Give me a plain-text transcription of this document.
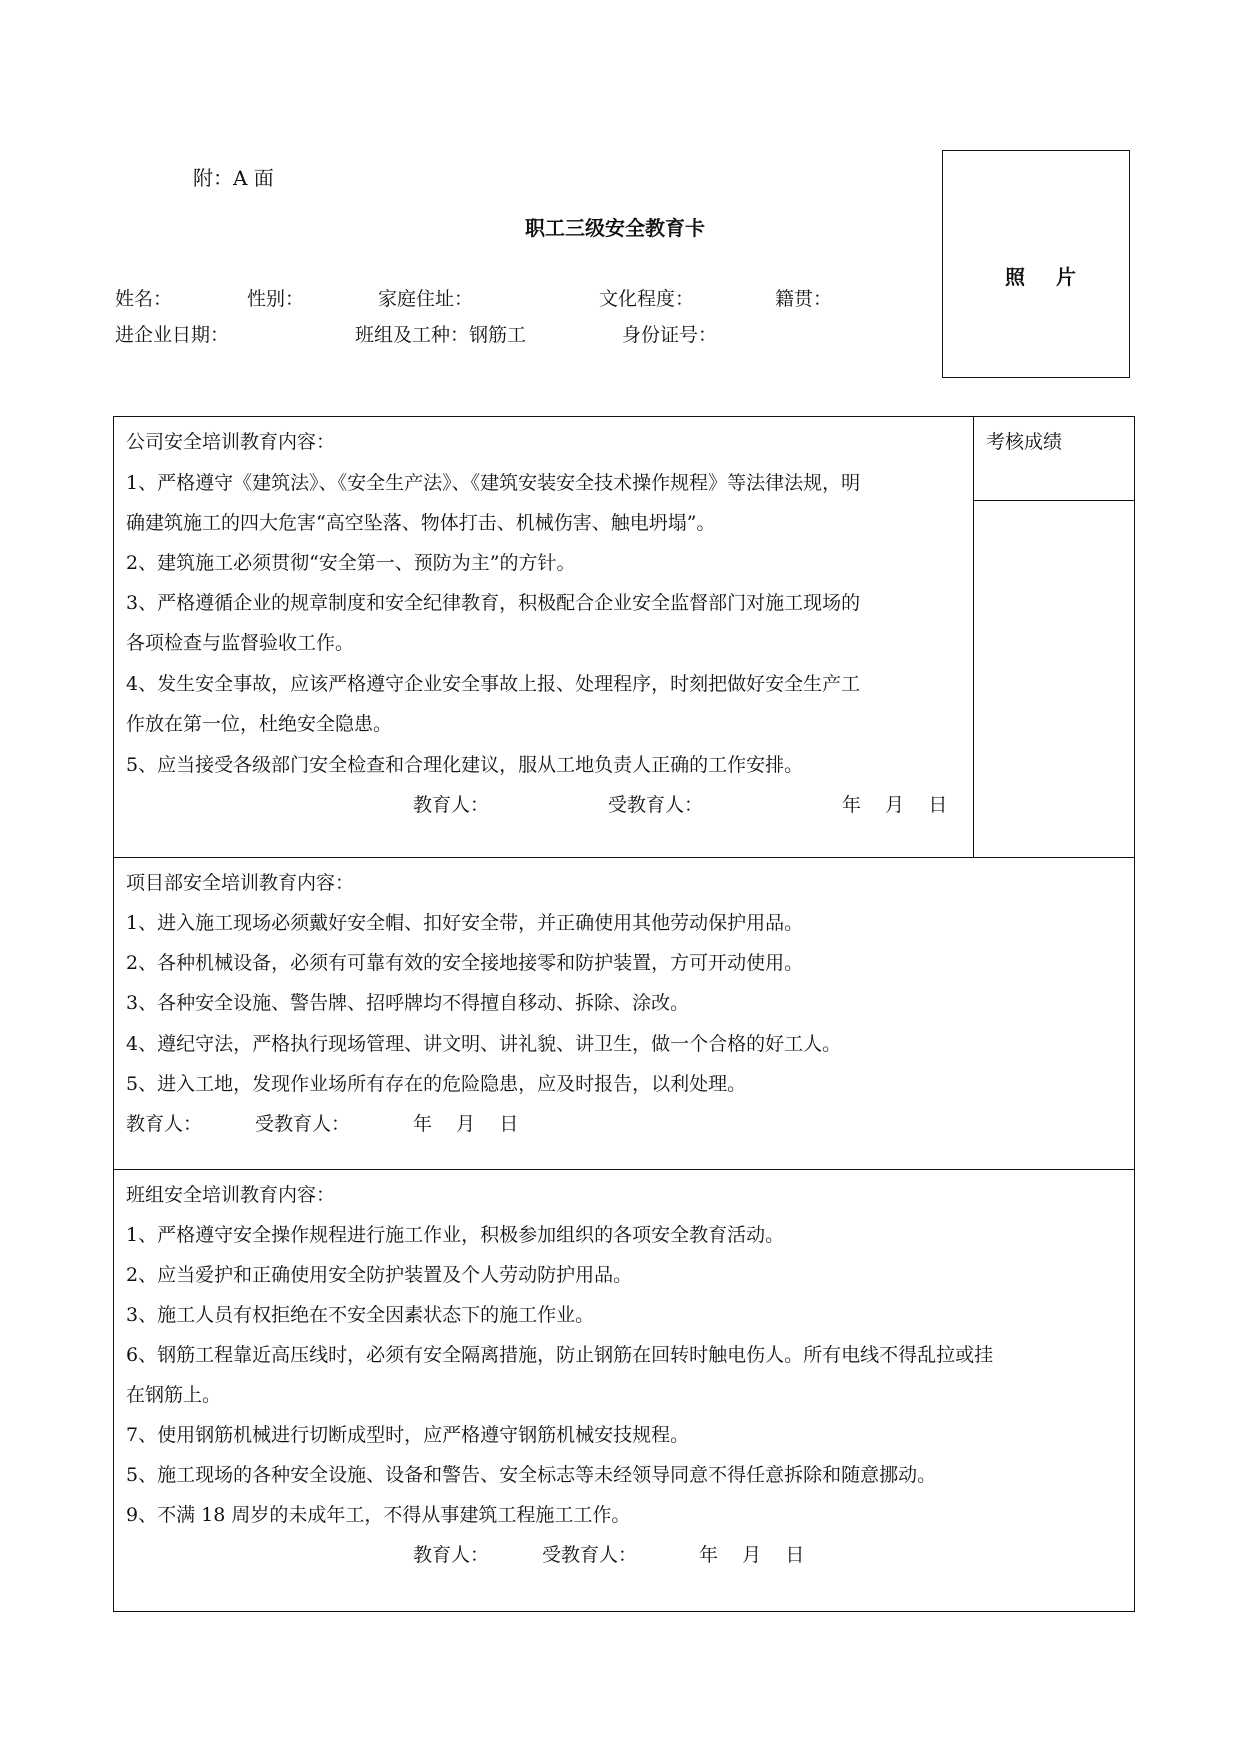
附：A 面
职工三级安全教育卡
照 片
姓名：	性别：	家庭住址：	文化程度：	籍贯：
进企业日期：	班组及工种：钢筋工	身份证号：
考核成绩
公司安全培训教育内容：
1、严格遵守《建筑法》、《安全生产法》、《建筑安装安全技术操作规程》等法律法规，明
确建筑施工的四大危害“高空坠落、物体打击、机械伤害、触电坍塌”。
2、建筑施工必须贯彻“安全第一、预防为主”的方针。
3、严格遵循企业的规章制度和安全纪律教育，积极配合企业安全监督部门对施工现场的
各项检查与监督验收工作。
4、发生安全事故，应该严格遵守企业安全事故上报、处理程序，时刻把做好安全生产工
作放在第一位，杜绝安全隐患。
5、应当接受各级部门安全检查和合理化建议，服从工地负责人正确的工作安排。
教育人：	受教育人：	年    月    日
项目部安全培训教育内容：
1、进入施工现场必须戴好安全帽、扣好安全带，并正确使用其他劳动保护用品。
2、各种机械设备，必须有可靠有效的安全接地接零和防护装置，方可开动使用。
3、各种安全设施、警告牌、招呼牌均不得擅自移动、拆除、涂改。
4、遵纪守法，严格执行现场管理、讲文明、讲礼貌、讲卫生，做一个合格的好工人。
5、进入工地，发现作业场所有存在的危险隐患，应及时报告，以利处理。
教育人：	受教育人：	年    月    日
班组安全培训教育内容：
1、严格遵守安全操作规程进行施工作业，积极参加组织的各项安全教育活动。
2、应当爱护和正确使用安全防护装置及个人劳动防护用品。
3、施工人员有权拒绝在不安全因素状态下的施工作业。
6、钢筋工程靠近高压线时，必须有安全隔离措施，防止钢筋在回转时触电伤人。所有电线不得乱拉或挂
在钢筋上。
7、使用钢筋机械进行切断成型时，应严格遵守钢筋机械安技规程。
5、施工现场的各种安全设施、设备和警告、安全标志等未经领导同意不得任意拆除和随意挪动。
9、不满 18 周岁的未成年工，不得从事建筑工程施工工作。
教育人：	受教育人：	年    月    日
